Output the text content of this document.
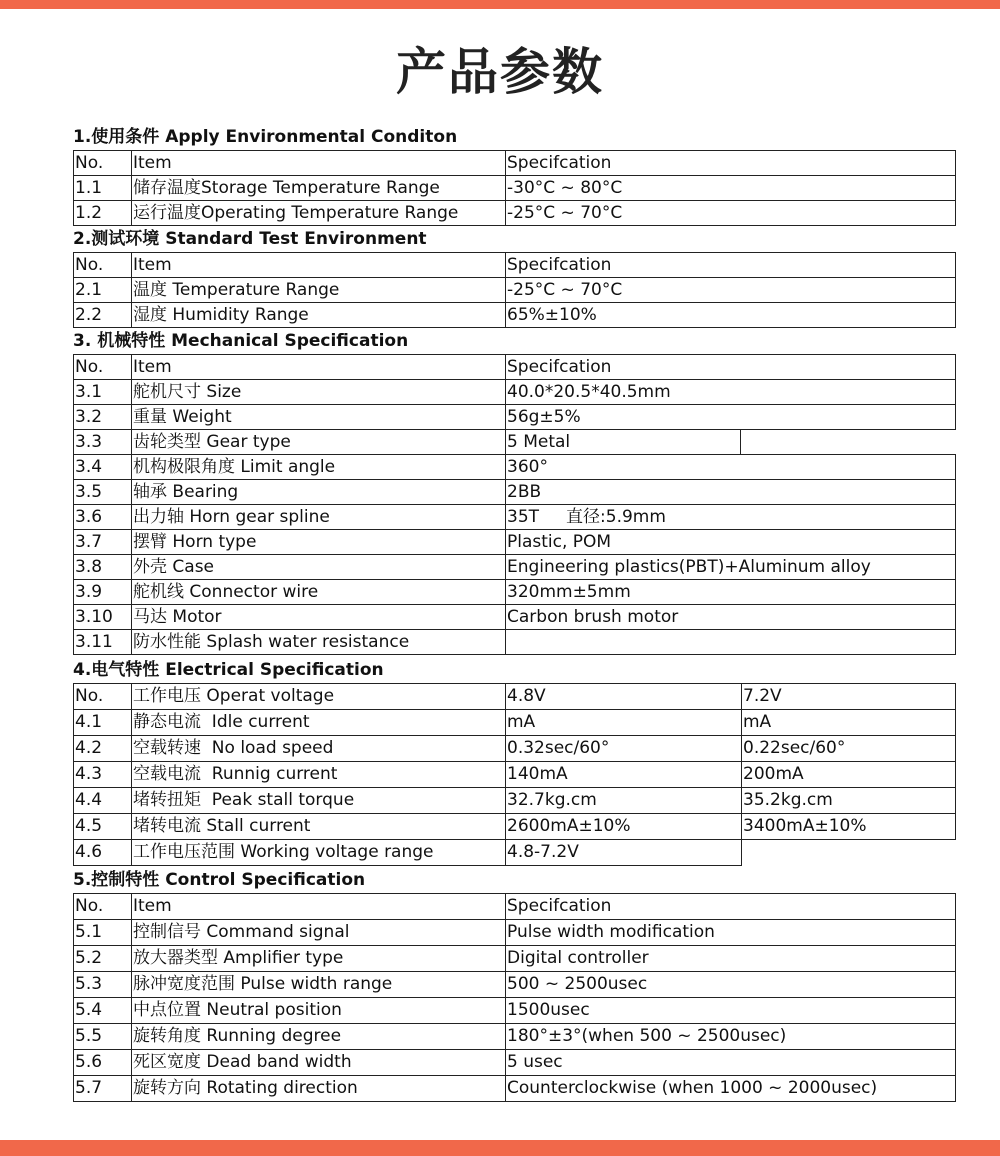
产品参数
1.使用条件 Apply Environmental Conditon
No.	Item	Specifcation
1.1	储存温度Storage Temperature Range	-30°C ~ 80°C
1.2	运行温度Operating Temperature Range	-25°C ~ 70°C
2.测试环境 Standard Test Environment
No.	Item	Specifcation
2.1	温度 Temperature Range	-25°C ~ 70°C
2.2	湿度 Humidity Range	65%±10%
3. 机械特性 Mechanical Specification
No.	Item	Specifcation	
3.1	舵机尺寸 Size	40.0*20.5*40.5mm	
3.2	重量 Weight	56g±5%	
3.3	齿轮类型 Gear type	5 Metal	
3.4	机构极限角度 Limit angle	360°	
3.5	轴承 Bearing	2BB	
3.6	出力轴 Horn gear spline	35T     直径:5.9mm	
3.7	摆臂 Horn type	Plastic, POM	
3.8	外壳 Case	Engineering plastics(PBT)+Aluminum alloy	
3.9	舵机线 Connector wire	320mm±5mm	
3.10	马达 Motor	Carbon brush motor	
3.11	防水性能 Splash water resistance		
4.电气特性 Electrical Specification
No.	工作电压 Operat voltage	4.8V	7.2V
4.1	静态电流  Idle current	mA	mA
4.2	空载转速  No load speed	0.32sec/60°	0.22sec/60°
4.3	空载电流  Runnig current	140mA	200mA
4.4	堵转扭矩  Peak stall torque	32.7kg.cm	35.2kg.cm
4.5	堵转电流 Stall current	2600mA±10%	3400mA±10%
4.6	工作电压范围 Working voltage range	4.8-7.2V	
5.控制特性 Control Specification
No.	Item	Specifcation
5.1	控制信号 Command signal	Pulse width modification
5.2	放大器类型 Amplifier type	Digital controller
5.3	脉冲宽度范围 Pulse width range	500 ~ 2500usec
5.4	中点位置 Neutral position	1500usec
5.5	旋转角度 Running degree	180°±3°(when 500 ~ 2500usec)
5.6	死区宽度 Dead band width	5 usec
5.7	旋转方向 Rotating direction	Counterclockwise (when 1000 ~ 2000usec)
